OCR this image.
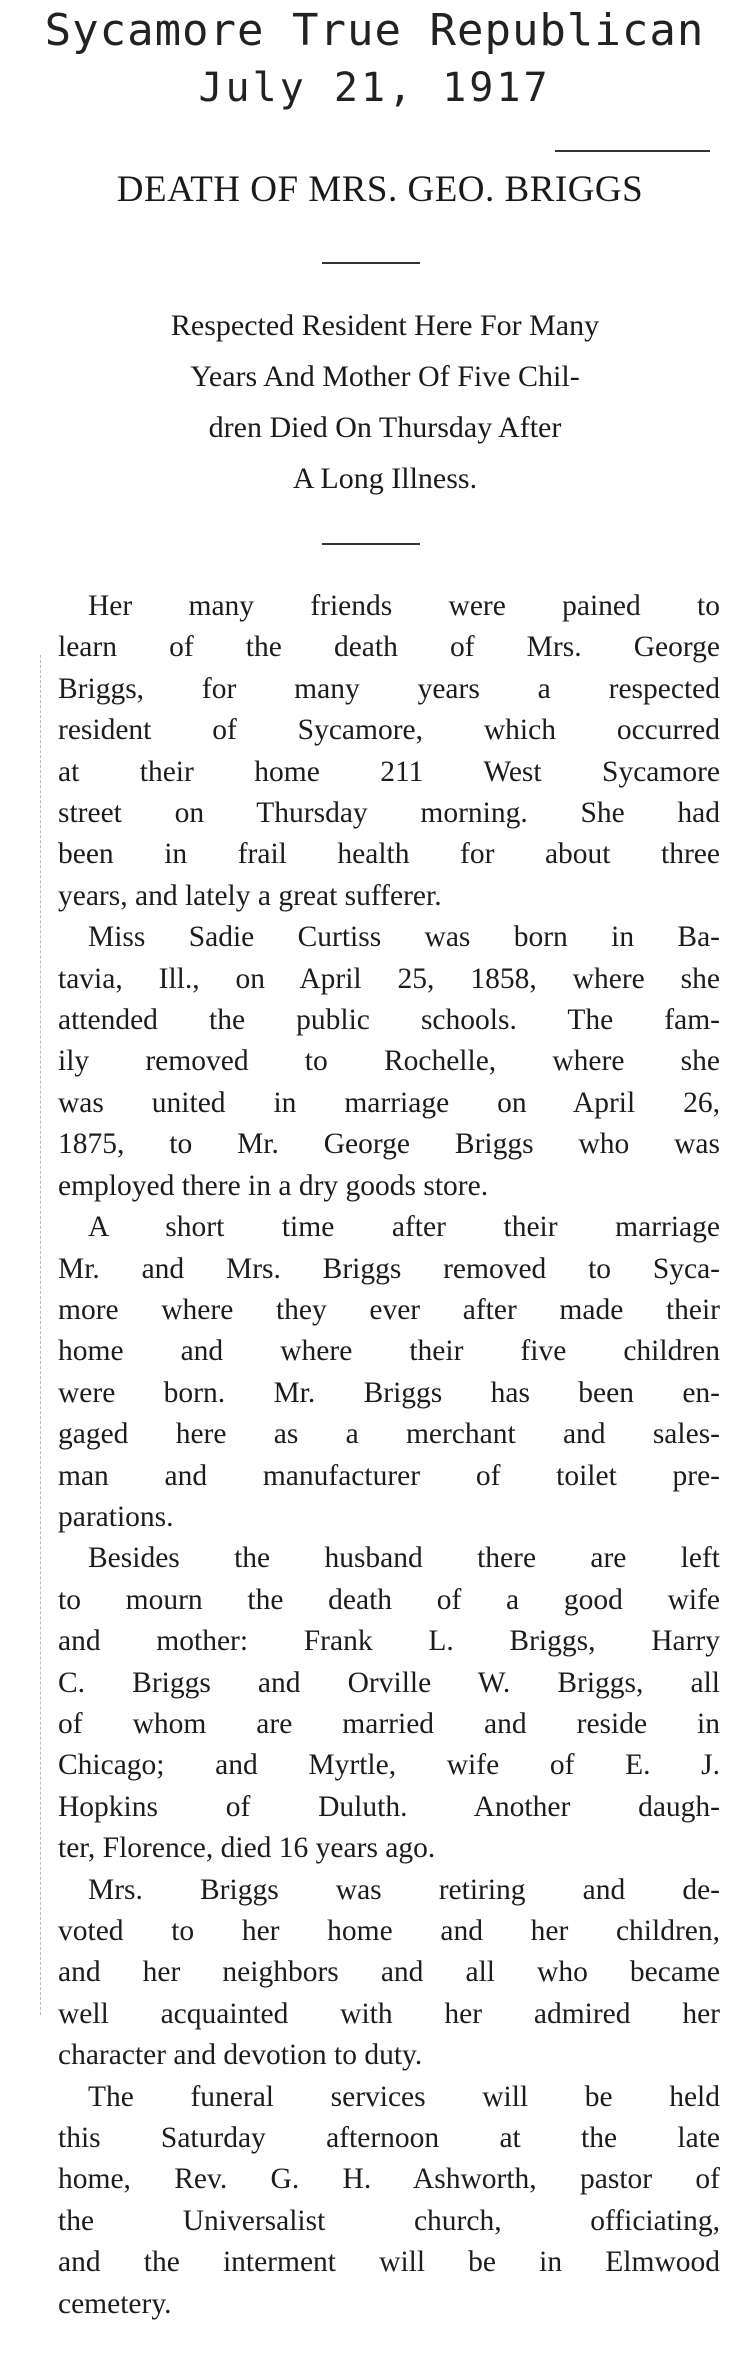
Sycamore True Republican
July 21, 1917
DEATH OF MRS. GEO. BRIGGS
Respected Resident Here For Many
Years And Mother Of Five Chil-
dren Died On Thursday After
A Long Illness.

Her many friends were pained to
learn of the death of Mrs. George
Briggs, for many years a respected
resident of Sycamore, which occurred
at their home 211 West Sycamore
street on Thursday morning. She had
been in frail health for about three
years, and lately a great sufferer.

Miss Sadie Curtiss was born in Ba-
tavia, Ill., on April 25, 1858, where she
attended the public schools. The fam-
ily removed to Rochelle, where she
was united in marriage on April 26,
1875, to Mr. George Briggs who was
employed there in a dry goods store.

A short time after their marriage
Mr. and Mrs. Briggs removed to Syca-
more where they ever after made their
home and where their five children
were born. Mr. Briggs has been en-
gaged here as a merchant and sales-
man and manufacturer of toilet pre-
parations.

Besides the husband there are left
to mourn the death of a good wife
and mother: Frank L. Briggs, Harry
C. Briggs and Orville W. Briggs, all
of whom are married and reside in
Chicago; and Myrtle, wife of E. J.
Hopkins of Duluth. Another daugh-
ter, Florence, died 16 years ago.

Mrs. Briggs was retiring and de-
voted to her home and her children,
and her neighbors and all who became
well acquainted with her admired her
character and devotion to duty.

The funeral services will be held
this Saturday afternoon at the late
home, Rev. G. H. Ashworth, pastor of
the Universalist church, officiating,
and the interment will be in Elmwood
cemetery.
